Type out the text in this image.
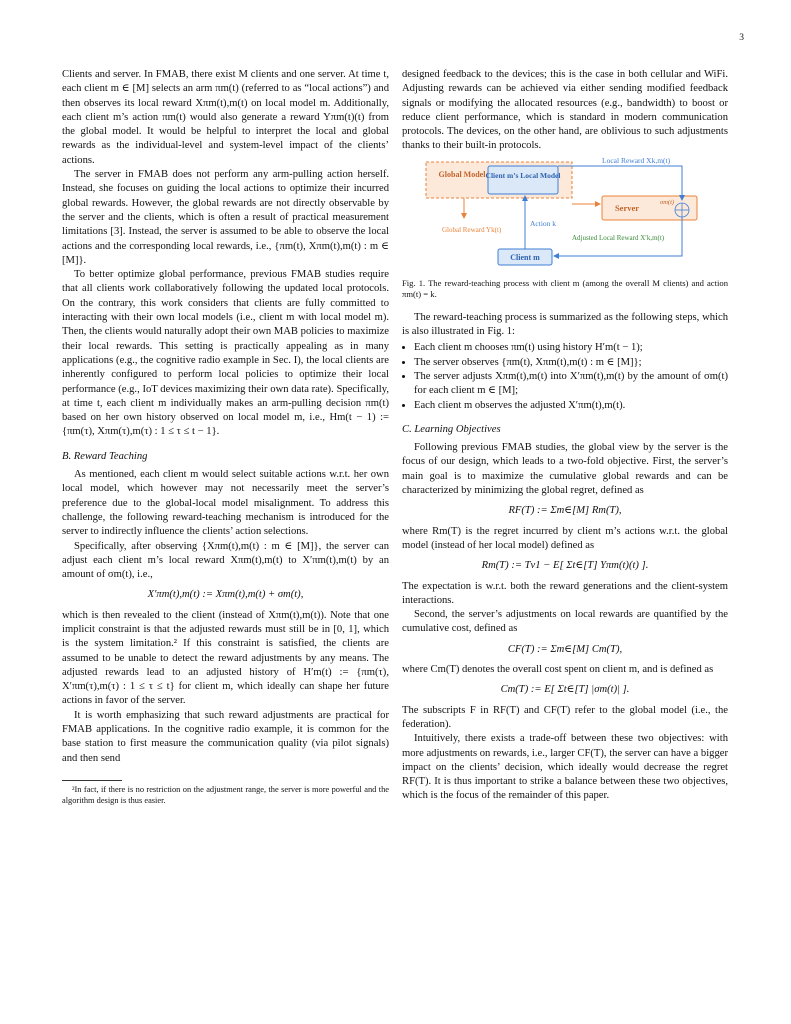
3

Clients and server. In FMAB, there exist M clients and one server. At time t, each client m ∈ [M] selects an arm πm(t) (referred to as “local actions”) and then observes its local reward Xπm(t),m(t) on local model m. Additionally, each client m’s action πm(t) would also generate a reward Yπm(t)(t) from the global model. It would be helpful to interpret the local and global rewards as the individual-level and system-level impact of the clients’ actions.

The server in FMAB does not perform any arm-pulling action herself. Instead, she focuses on guiding the local actions to optimize their incurred global rewards. However, the global rewards are not directly observable by the server and the clients, which is often a result of practical measurement limitations [3]. Instead, the server is assumed to be able to observe the local actions and the corresponding local rewards, i.e., {πm(t), Xπm(t),m(t) : m ∈ [M]}.

To better optimize global performance, previous FMAB studies require that all clients work collaboratively following the updated local protocols. On the contrary, this work considers that clients are fully committed to interacting with their own local models (i.e., client m with local model m). Then, the clients would naturally adopt their own MAB policies to maximize their local rewards. This setting is practically appealing as in many applications (e.g., the cognitive radio example in Sec. I), the local clients are inherently configured to perform local policies to optimize their local performance (e.g., IoT devices maximizing their own data rate). Specifically, at time t, each client m individually makes an arm-pulling decision πm(t) based on her own history observed on local model m, i.e., Hm(t − 1) := {πm(τ), Xπm(τ),m(τ) : 1 ≤ τ ≤ t − 1}.

B. Reward Teaching

As mentioned, each client m would select suitable actions w.r.t. her own local model, which however may not necessarily meet the server’s preference due to the global-local model misalignment. To address this challenge, the following reward-teaching mechanism is introduced for the server to indirectly influence the clients’ action selections.

Specifically, after observing {Xπm(t),m(t) : m ∈ [M]}, the server can adjust each client m’s local reward Xπm(t),m(t) to X′πm(t),m(t) by an amount of σm(t), i.e.,

X′πm(t),m(t) := Xπm(t),m(t) + σm(t),

which is then revealed to the client (instead of Xπm(t),m(t)). Note that one implicit constraint is that the adjusted rewards must still be in [0, 1], which is the system limitation.² If this constraint is satisfied, the clients are assumed to be unable to detect the reward adjustments by any means. The adjusted rewards lead to an adjusted history of H′m(t) := {πm(τ), X′πm(τ),m(τ) : 1 ≤ τ ≤ t} for client m, which ideally can shape her future actions in favor of the server.

It is worth emphasizing that such reward adjustments are practical for FMAB applications. In the cognitive radio example, it is common for the base station to first measure the communication quality (via pilot signals) and then send

²In fact, if there is no restriction on the adjustment range, the server is more powerful and the algorithm design is thus easier.

designed feedback to the devices; this is the case in both cellular and WiFi. Adjusting rewards can be achieved via either sending modified feedback signals or modifying the allocated resources (e.g., bandwidth) to boost or reduce client performance, which is standard in modern communication protocols. The devices, on the other hand, are oblivious to such adjustments thanks to their built-in protocols.

Global Model Client m’s Local Model
Server
σm(t)
Client m
Local Reward Xk,m(t)
Global Reward Yk(t)
Action k
Adjusted Local Reward X′k,m(t)
Fig. 1. The reward-teaching process with client m (among the overall M clients) and action πm(t) = k.

The reward-teaching process is summarized as the following steps, which is also illustrated in Fig. 1:

• Each client m chooses πm(t) using history H′m(t − 1);
• The server observes {πm(t), Xπm(t),m(t) : m ∈ [M]};
• The server adjusts Xπm(t),m(t) into X′πm(t),m(t) by the amount of σm(t) for each client m ∈ [M];
• Each client m observes the adjusted X′πm(t),m(t).
C. Learning Objectives

Following previous FMAB studies, the global view by the server is the focus of our design, which leads to a two-fold objective. First, the server’s main goal is to maximize the cumulative global rewards and can be characterized by minimizing the global regret, defined as

RF(T) := Σm∈[M] Rm(T),

where Rm(T) is the regret incurred by client m’s actions w.r.t. the global model (instead of her local model) defined as

Rm(T) := Tν1 − E[ Σt∈[T] Yπm(t)(t) ].

The expectation is w.r.t. both the reward generations and the client-system interactions.

Second, the server’s adjustments on local rewards are quantified by the cumulative cost, defined as

CF(T) := Σm∈[M] Cm(T),

where Cm(T) denotes the overall cost spent on client m, and is defined as

Cm(T) := E[ Σt∈[T] |σm(t)| ].

The subscripts F in RF(T) and CF(T) refer to the global model (i.e., the federation).

Intuitively, there exists a trade-off between these two objectives: with more adjustments on rewards, i.e., larger CF(T), the server can have a bigger impact on the clients’ decision, which ideally would decrease the regret RF(T). It is thus important to strike a balance between these two objectives, which is the focus of the remainder of this paper.
